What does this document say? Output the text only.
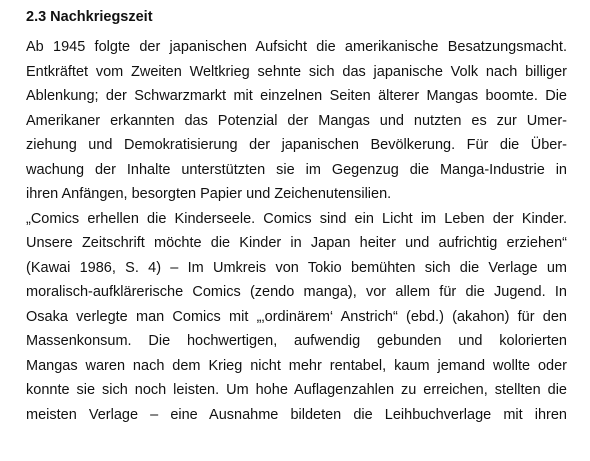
2.3 Nachkriegszeit
Ab 1945 folgte der japanischen Aufsicht die amerikanische Besatzungsmacht.
Entkräftet vom Zweiten Weltkrieg sehnte sich das japanische Volk nach billiger
Ablenkung; der Schwarzmarkt mit einzelnen Seiten älterer Mangas boomte. Die
Amerikaner erkannten das Potenzial der Mangas und nutzten es zur Umer-
ziehung und Demokratisierung der japanischen Bevölkerung. Für die Über-
wachung der Inhalte unterstützten sie im Gegenzug die Manga-Industrie in
ihren Anfängen, besorgten Papier und Zeichenutensilien.
„Comics erhellen die Kinderseele. Comics sind ein Licht im Leben der Kinder.
Unsere Zeitschrift möchte die Kinder in Japan heiter und aufrichtig erziehen“
(Kawai 1986, S. 4) – Im Umkreis von Tokio bemühten sich die Verlage um
moralisch-aufklärerische Comics (zendo manga), vor allem für die Jugend. In
Osaka verlegte man Comics mit „‚ordinärem‘ Anstrich“ (ebd.) (akahon) für den
Massenkonsum. Die hochwertigen, aufwendig gebunden und kolorierten
Mangas waren nach dem Krieg nicht mehr rentabel, kaum jemand wollte oder
konnte sie sich noch leisten. Um hohe Auflagenzahlen zu erreichen, stellten die
meisten Verlage – eine Ausnahme bildeten die Leihbuchverlage mit ihren
